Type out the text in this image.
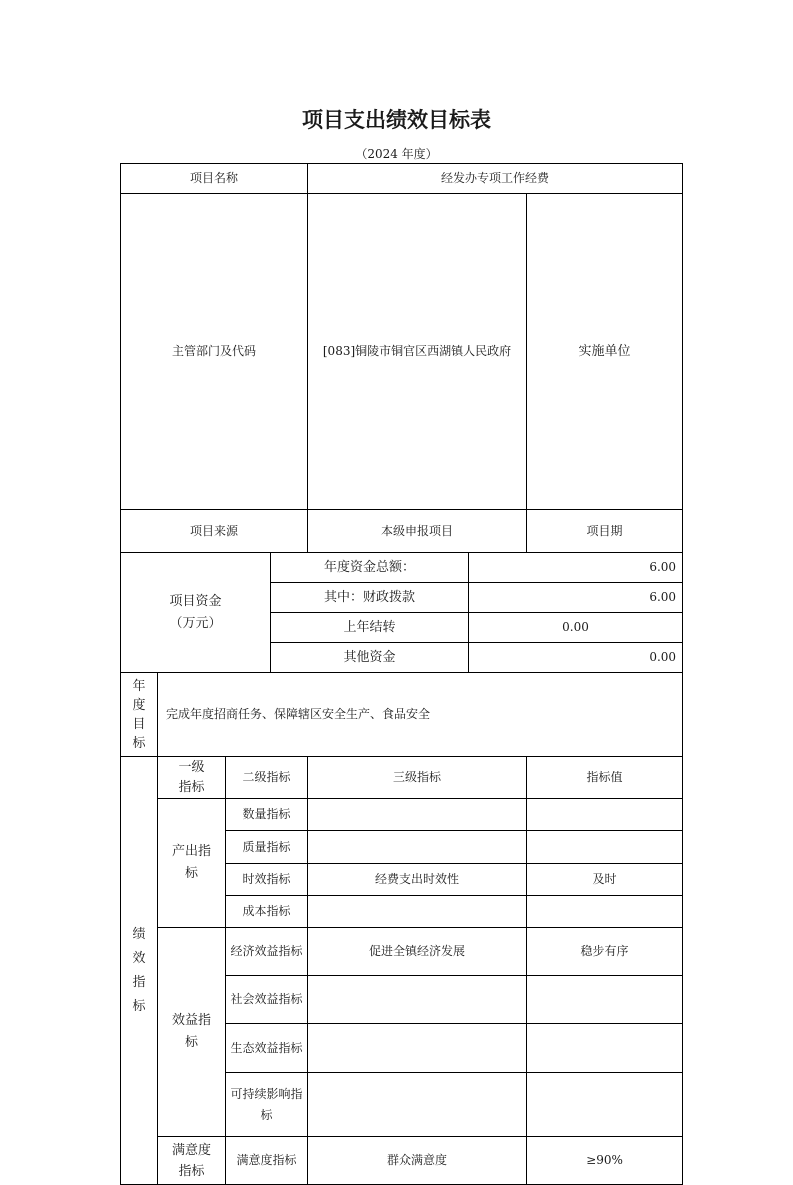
项目支出绩效目标表
（2024 年度）
项目名称				经发办专项工作经费			
主管部门及代码				[083]铜陵市铜官区西湖镇人民政府		实施单位	
项目来源				本级申报项目		项目期	
项目资金（万元）			年度资金总额：		6.00		
			其中：财政拨款		6.00		
			上年结转		0.00		
			其他资金		0.00		
年度目标	完成年度招商任务、保障辖区安全生产、食品安全						
绩效指标	一级指标	二级指标		三级指标		指标值	
	产出指标	数量指标					
		质量指标					
		时效指标		经费支出时效性		及时	
		成本指标					
	效益指标	经济效益指标		促进全镇经济发展		稳步有序	
		社会效益指标					
		生态效益指标					
		可持续影响指标					
	满意度指标	满意度指标		群众满意度		≥90%	
